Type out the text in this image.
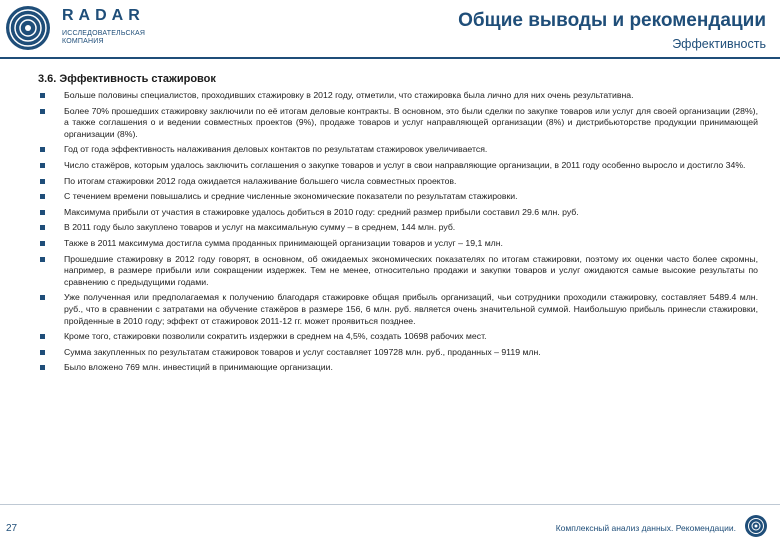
RADAR
ИССЛЕДОВАТЕЛЬСКАЯ КОМПАНИЯ
Общие выводы и рекомендации
Эффективность
3.6. Эффективность стажировок
Больше половины специалистов, проходивших стажировку в 2012 году, отметили, что стажировка была лично для них очень результативна.
Более 70% прошедших стажировку заключили по её итогам деловые контракты. В основном, это были сделки по закупке товаров или услуг для своей организации (28%), а также соглашения о и ведении совместных проектов (9%), продаже товаров и услуг направляющей организации (8%) и дистрибьюторстве продукции принимающей организации (8%).
Год от года эффективность налаживания деловых контактов по результатам стажировок увеличивается.
Число стажёров, которым удалось заключить соглашения о закупке товаров и услуг в свои направляющие организации, в 2011 году особенно выросло и достигло 34%.
По итогам стажировки 2012 года ожидается налаживание большего числа совместных проектов.
С течением времени повышались и средние численные экономические показатели по результатам стажировки.
Максимума прибыли от участия в стажировке удалось добиться в 2010 году: средний размер прибыли составил 29.6 млн. руб.
В 2011 году было закуплено товаров и услуг на максимальную сумму – в среднем, 144 млн. руб.
Также в 2011 максимума достигла сумма проданных принимающей организации товаров и услуг – 19,1 млн.
Прошедшие стажировку в 2012 году говорят, в основном, об ожидаемых экономических показателях по итогам стажировки, поэтому их оценки часто более скромны, например, в размере прибыли или сокращении издержек. Тем не менее, относительно продажи и закупки товаров и услуг ожидаются самые высокие результаты по сравнению с предыдущими годами.
Уже полученная или предполагаемая к получению благодаря стажировке общая прибыль организаций, чьи сотрудники проходили стажировку, составляет 5489.4 млн. руб., что в сравнении с затратами на обучение стажёров в размере 156, 6 млн. руб. является очень значительной суммой. Наибольшую прибыль принесли стажировки, пройденные в 2010 году; эффект от стажировок 2011-12 гг. может проявиться позднее.
Кроме того, стажировки позволили сократить издержки в среднем на 4,5%, создать 10698 рабочих мест.
Сумма закупленных по результатам стажировок товаров и услуг составляет 109728 млн. руб., проданных – 9119 млн.
Было вложено 769 млн. инвестиций в принимающие организации.
27	Комплексный анализ данных. Рекомендации.
